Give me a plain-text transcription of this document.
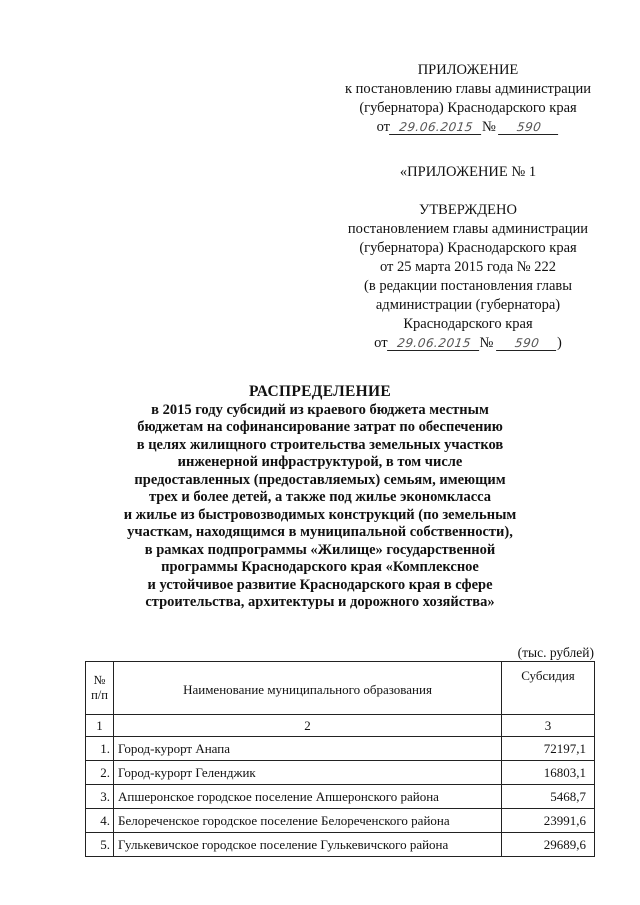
ПРИЛОЖЕНИЕ
к постановлению главы администрации
(губернатора) Краснодарского края
от 29.06.2015 № 590
«ПРИЛОЖЕНИЕ № 1
УТВЕРЖДЕНО
постановлением главы администрации
(губернатора) Краснодарского края
от 25 марта 2015 года № 222
(в редакции постановления главы
администрации (губернатора)
Краснодарского края
от 29.06.2015 № 590 )
РАСПРЕДЕЛЕНИЕ
в 2015 году субсидий из краевого бюджета местным
бюджетам на софинансирование затрат по обеспечению
в целях жилищного строительства земельных участков
инженерной инфраструктурой, в том числе
предоставленных (предоставляемых) семьям, имеющим
трех и более детей, а также под жилье экономкласса
и жилье из быстровозводимых конструкций (по земельным
участкам, находящимся в муниципальной собственности),
в рамках подпрограммы «Жилище» государственной
программы Краснодарского края «Комплексное
и устойчивое развитие Краснодарского края в сфере
строительства, архитектуры и дорожного хозяйства»
(тыс. рублей)
№
п/п	Наименование муниципального образования	Субсидия
1	2	3
1.	Город-курорт Анапа	72197,1
2.	Город-курорт Геленджик	16803,1
3.	Апшеронское городское поселение Апшеронского района	5468,7
4.	Белореченское городское поселение Белореченского района	23991,6
5.	Гулькевичское городское поселение Гулькевичского района	29689,6
